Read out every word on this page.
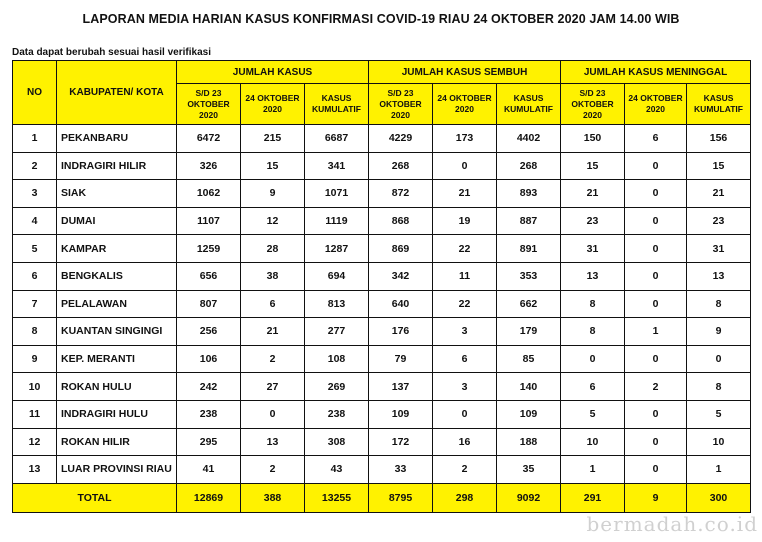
LAPORAN MEDIA HARIAN KASUS KONFIRMASI COVID-19 RIAU 24 OKTOBER 2020 JAM 14.00 WIB
Data dapat berubah sesuai hasil verifikasi
NO	KABUPATEN/ KOTA	JUMLAH KASUS			JUMLAH KASUS SEMBUH			JUMLAH KASUS MENINGGAL		
		S/D 23 OKTOBER 2020	24 OKTOBER 2020	KASUS KUMULATIF	S/D 23 OKTOBER 2020	24 OKTOBER 2020	KASUS KUMULATIF	S/D 23 OKTOBER 2020	24 OKTOBER 2020	KASUS KUMULATIF
1	PEKANBARU	6472	215	6687	4229	173	4402	150	6	156
2	INDRAGIRI HILIR	326	15	341	268	0	268	15	0	15
3	SIAK	1062	9	1071	872	21	893	21	0	21
4	DUMAI	1107	12	1119	868	19	887	23	0	23
5	KAMPAR	1259	28	1287	869	22	891	31	0	31
6	BENGKALIS	656	38	694	342	11	353	13	0	13
7	PELALAWAN	807	6	813	640	22	662	8	0	8
8	KUANTAN SINGINGI	256	21	277	176	3	179	8	1	9
9	KEP. MERANTI	106	2	108	79	6	85	0	0	0
10	ROKAN HULU	242	27	269	137	3	140	6	2	8
11	INDRAGIRI HULU	238	0	238	109	0	109	5	0	5
12	ROKAN HILIR	295	13	308	172	16	188	10	0	10
13	LUAR PROVINSI RIAU	41	2	43	33	2	35	1	0	1
TOTAL		12869	388	13255	8795	298	9092	291	9	300
bermadah.co.id
